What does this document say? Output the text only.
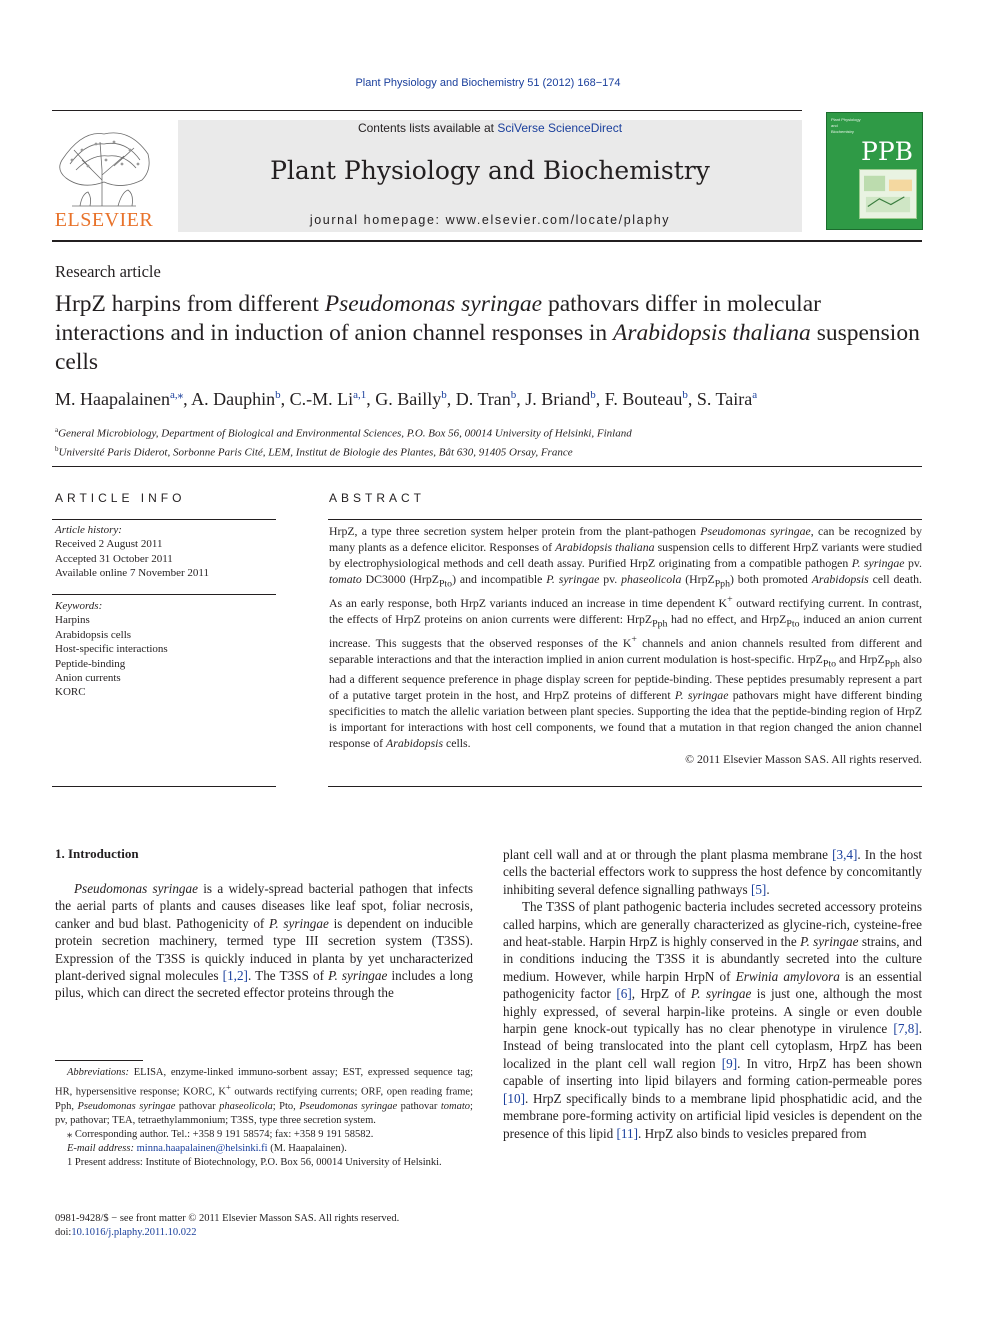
Plant Physiology and Biochemistry 51 (2012) 168−174
ELSEVIER
Contents lists available at SciVerse ScienceDirect
Plant Physiology and Biochemistry
journal homepage: www.elsevier.com/locate/plaphy
Plant Physiology and Biochemistry
PPB
Research article
HrpZ harpins from different Pseudomonas syringae pathovars differ in molecular interactions and in induction of anion channel responses in Arabidopsis thaliana suspension cells
M. Haapalainen$^{a,⁎}$, A. Dauphin$^b$, C.-M. Li$^{a,1}$, G. Bailly$^b$, D. Tran$^b$, J. Briand$^b$, F. Bouteau$^b$, S. Taira$^a$
$^a$General Microbiology, Department of Biological and Environmental Sciences, P.O. Box 56, 00014 University of Helsinki, Finland
$^b$Université Paris Diderot, Sorbonne Paris Cité, LEM, Institut de Biologie des Plantes, Bât 630, 91405 Orsay, France
ARTICLE INFO
Article history:
Received 2 August 2011
Accepted 31 October 2011
Available online 7 November 2011
Keywords:
Harpins
Arabidopsis cells
Host-specific interactions
Peptide-binding
Anion currents
KORC
ABSTRACT
HrpZ, a type three secretion system helper protein from the plant-pathogen Pseudomonas syringae, can be recognized by many plants as a defence elicitor. Responses of Arabidopsis thaliana suspension cells to different HrpZ variants were studied by electrophysiological methods and cell death assay. Purified HrpZ originating from a compatible pathogen P. syringae pv. tomato DC3000 (HrpZ$_{Pto}$) and incompatible P. syringae pv. phaseolicola (HrpZ$_{Pph}$) both promoted Arabidopsis cell death. As an early response, both HrpZ variants induced an increase in time dependent K+ outward rectifying current. In contrast, the effects of HrpZ proteins on anion currents were different: HrpZ$_{Pph}$ had no effect, and HrpZ$_{Pto}$ induced an anion current increase. This suggests that the observed responses of the K+ channels and anion channels resulted from different and separable interactions and that the interaction implied in anion current modulation is host-specific. HrpZ$_{Pto}$ and HrpZ$_{Pph}$ also had a different sequence preference in phage display screen for peptide-binding. These peptides presumably represent a part of a putative target protein in the host, and HrpZ proteins of different P. syringae pathovars might have different binding specificities to match the allelic variation between plant species. Supporting the idea that the peptide-binding region of HrpZ is important for interactions with host cell components, we found that a mutation in that region changed the anion channel response of Arabidopsis cells.
© 2011 Elsevier Masson SAS. All rights reserved.
1. Introduction

Pseudomonas syringae is a widely-spread bacterial pathogen that infects the aerial parts of plants and causes diseases like leaf spot, foliar necrosis, canker and bud blast. Pathogenicity of P. syringae is dependent on inducible protein secretion machinery, termed type III secretion system (T3SS). Expression of the T3SS is quickly induced in planta by yet uncharacterized plant-derived signal molecules [1,2]. The T3SS of P. syringae includes a long pilus, which can direct the secreted effector proteins through the

plant cell wall and at or through the plant plasma membrane [3,4]. In the host cells the bacterial effectors work to suppress the host defence by concomitantly inhibiting several defence signalling pathways [5].

The T3SS of plant pathogenic bacteria includes secreted accessory proteins called harpins, which are generally characterized as glycine-rich, cysteine-free and heat-stable. Harpin HrpZ is highly conserved in the P. syringae strains, and in conditions inducing the T3SS it is abundantly secreted into the culture medium. However, while harpin HrpN of Erwinia amylovora is an essential pathogenicity factor [6], HrpZ of P. syringae is just one, although the most highly expressed, of several harpin-like proteins. A single or even double harpin gene knock-out typically has no clear phenotype in virulence [7,8]. Instead of being translocated into the plant cell cytoplasm, HrpZ has been localized in the plant cell wall region [9]. In vitro, HrpZ has been shown capable of inserting into lipid bilayers and forming cation-permeable pores [10]. HrpZ specifically binds to a membrane lipid phosphatidic acid, and the membrane pore-forming activity on artificial lipid vesicles is dependent on the presence of this lipid [11]. HrpZ also binds to vesicles prepared from

Abbreviations: ELISA, enzyme-linked immuno-sorbent assay; EST, expressed sequence tag; HR, hypersensitive response; KORC, K+ outwards rectifying currents; ORF, open reading frame; Pph, Pseudomonas syringae pathovar phaseolicola; Pto, Pseudomonas syringae pathovar tomato; pv, pathovar; TEA, tetraethylammonium; T3SS, type three secretion system.

⁎ Corresponding author. Tel.: +358 9 191 58574; fax: +358 9 191 58582.

E-mail address: minna.haapalainen@helsinki.fi (M. Haapalainen).

1 Present address: Institute of Biotechnology, P.O. Box 56, 00014 University of Helsinki.

0981-9428/$ − see front matter © 2011 Elsevier Masson SAS. All rights reserved.
doi:10.1016/j.plaphy.2011.10.022
